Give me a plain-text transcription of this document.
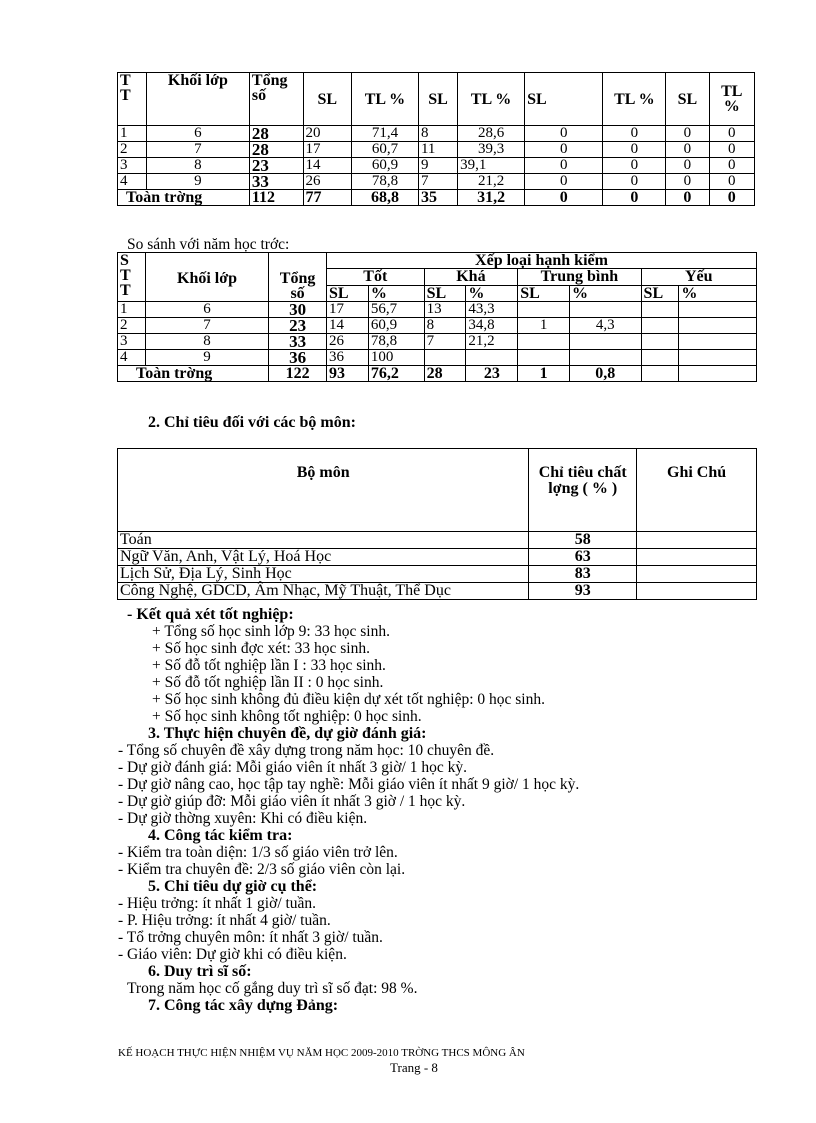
T T	Khối lớp	Tổng số	SL	TL %	SL	TL %	SL	TL %	SL	TL %
1	6	28	20	71,4	8	28,6	0	0	0	0
2	7	28	17	60,7	11	39,3	0	0	0	0
3	8	23	14	60,9	9	39,1	0	0	0	0
4	9	33	26	78,8	7	21,2	0	0	0	0
Toàn trờng		112	77	68,8	35	31,2	0	0	0	0
So sánh với năm học trớc:
S T T	Khối lớp	Tổng số	Xếp loại hạnh kiểm							
			Tốt		Khá		Trung bình		Yếu	
			SL	%	SL	%	SL	%	SL	%
1	6	30	17	56,7	13	43,3				
2	7	23	14	60,9	8	34,8	1	4,3		
3	8	33	26	78,8	7	21,2				
4	9	36	36	100						
Toàn trờng		122	93	76,2	28	23	1	0,8		
2. Chỉ tiêu đối với các bộ môn:
Bộ môn	Chỉ tiêu chất lợng ( % )	Ghi Chú
Toán	58	
Ngữ Văn, Anh, Vật Lý, Hoá Học	63	
Lịch Sử, Địa Lý, Sinh Học	83	
Công Nghệ, GDCD, Âm Nhạc, Mỹ Thuật, Thể Dục	93	
- Kết quả xét tốt nghiệp:
+ Tổng số học sinh lớp 9: 33 học sinh.
+ Số học sinh đợc xét: 33 học sinh.
+ Số đỗ tốt nghiệp lần I : 33 học sinh.
+ Số đỗ tốt nghiệp lần II : 0 học sinh.
+ Số học sinh không đủ điều kiện dự xét tốt nghiệp: 0 học sinh.
+ Số học sinh không tốt nghiệp: 0 học sinh.
3. Thực hiện chuyên đề, dự giờ đánh giá:
- Tổng số chuyên đề xây dựng trong năm học: 10 chuyên đề.
- Dự giờ đánh giá: Mỗi giáo viên ít nhất 3 giờ/ 1 học kỳ.
- Dự giờ nâng cao, học tập tay nghề: Mỗi giáo viên ít nhất 9 giờ/ 1 học kỳ.
- Dự giờ giúp đỡ: Mỗi giáo viên ít nhất 3 giờ / 1 học kỳ.
- Dự giờ thờng xuyên: Khi có điều kiện.
4. Công tác kiểm tra:
- Kiểm tra toàn diện: 1/3 số giáo viên trở lên.
- Kiểm tra chuyên đề: 2/3 số giáo viên còn lại.
5. Chỉ tiêu dự giờ cụ thể:
- Hiệu trởng: ít nhất 1 giờ/ tuần.
- P. Hiệu trởng: ít nhất 4 giờ/ tuần.
- Tổ trởng chuyên môn: ít nhất 3 giờ/ tuần.
- Giáo viên: Dự giờ khi có điều kiện.
6. Duy trì sĩ số:
Trong năm học cố gắng duy trì sĩ số đạt: 98 %.
7. Công tác xây dựng Đảng:
KẾ HOẠCH THỰC HIỆN NHIỆM VỤ NĂM HỌC 2009-2010 TRỜNG THCS MÔNG ÂN
Trang - 8
